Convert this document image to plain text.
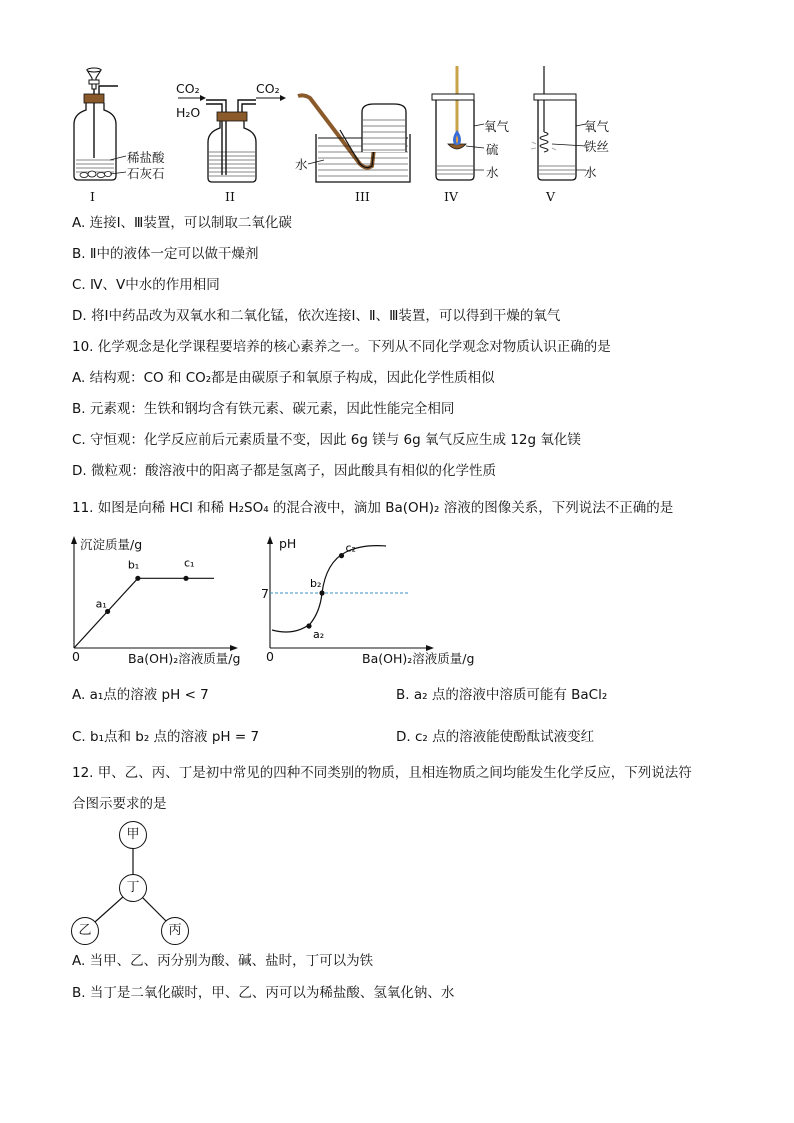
稀盐酸
石灰石
I
CO₂
H₂O
CO₂
II
水
III
氧气
硫
水
IV
氧气
铁丝
水
V
A. 连接Ⅰ、Ⅲ装置，可以制取二氧化碳
B. Ⅱ中的液体一定可以做干燥剂
C. Ⅳ、Ⅴ中水的作用相同
D. 将Ⅰ中药品改为双氧水和二氧化锰，依次连接Ⅰ、Ⅱ、Ⅲ装置，可以得到干燥的氧气
10. 化学观念是化学课程要培养的核心素养之一。下列从不同化学观念对物质认识正确的是
A. 结构观：CO 和 CO₂都是由碳原子和氧原子构成，因此化学性质相似
B. 元素观：生铁和钢均含有铁元素、碳元素，因此性能完全相同
C. 守恒观：化学反应前后元素质量不变，因此 6g 镁与 6g 氧气反应生成 12g 氧化镁
D. 微粒观：酸溶液中的阳离子都是氢离子，因此酸具有相似的化学性质
11. 如图是向稀 HCl 和稀 H₂SO₄ 的混合液中，滴加 Ba(OH)₂ 溶液的图像关系，下列说法不正确的是
a₁
b₁	c₁
沉淀质量/g
0	Ba(OH)₂溶液质量/g
a₂
b₂
c₂
pH
7
0	Ba(OH)₂溶液质量/g
A. a₁点的溶液 pH < 7	B. a₂ 点的溶液中溶质可能有 BaCl₂
C. b₁点和 b₂ 点的溶液 pH = 7	D. c₂ 点的溶液能使酚酞试液变红
12. 甲、乙、丙、丁是初中常见的四种不同类别的物质，且相连物质之间均能发生化学反应，下列说法符
合图示要求的是
甲
丁
乙	丙
A. 当甲、乙、丙分别为酸、碱、盐时，丁可以为铁
B. 当丁是二氧化碳时，甲、乙、丙可以为稀盐酸、氢氧化钠、水
